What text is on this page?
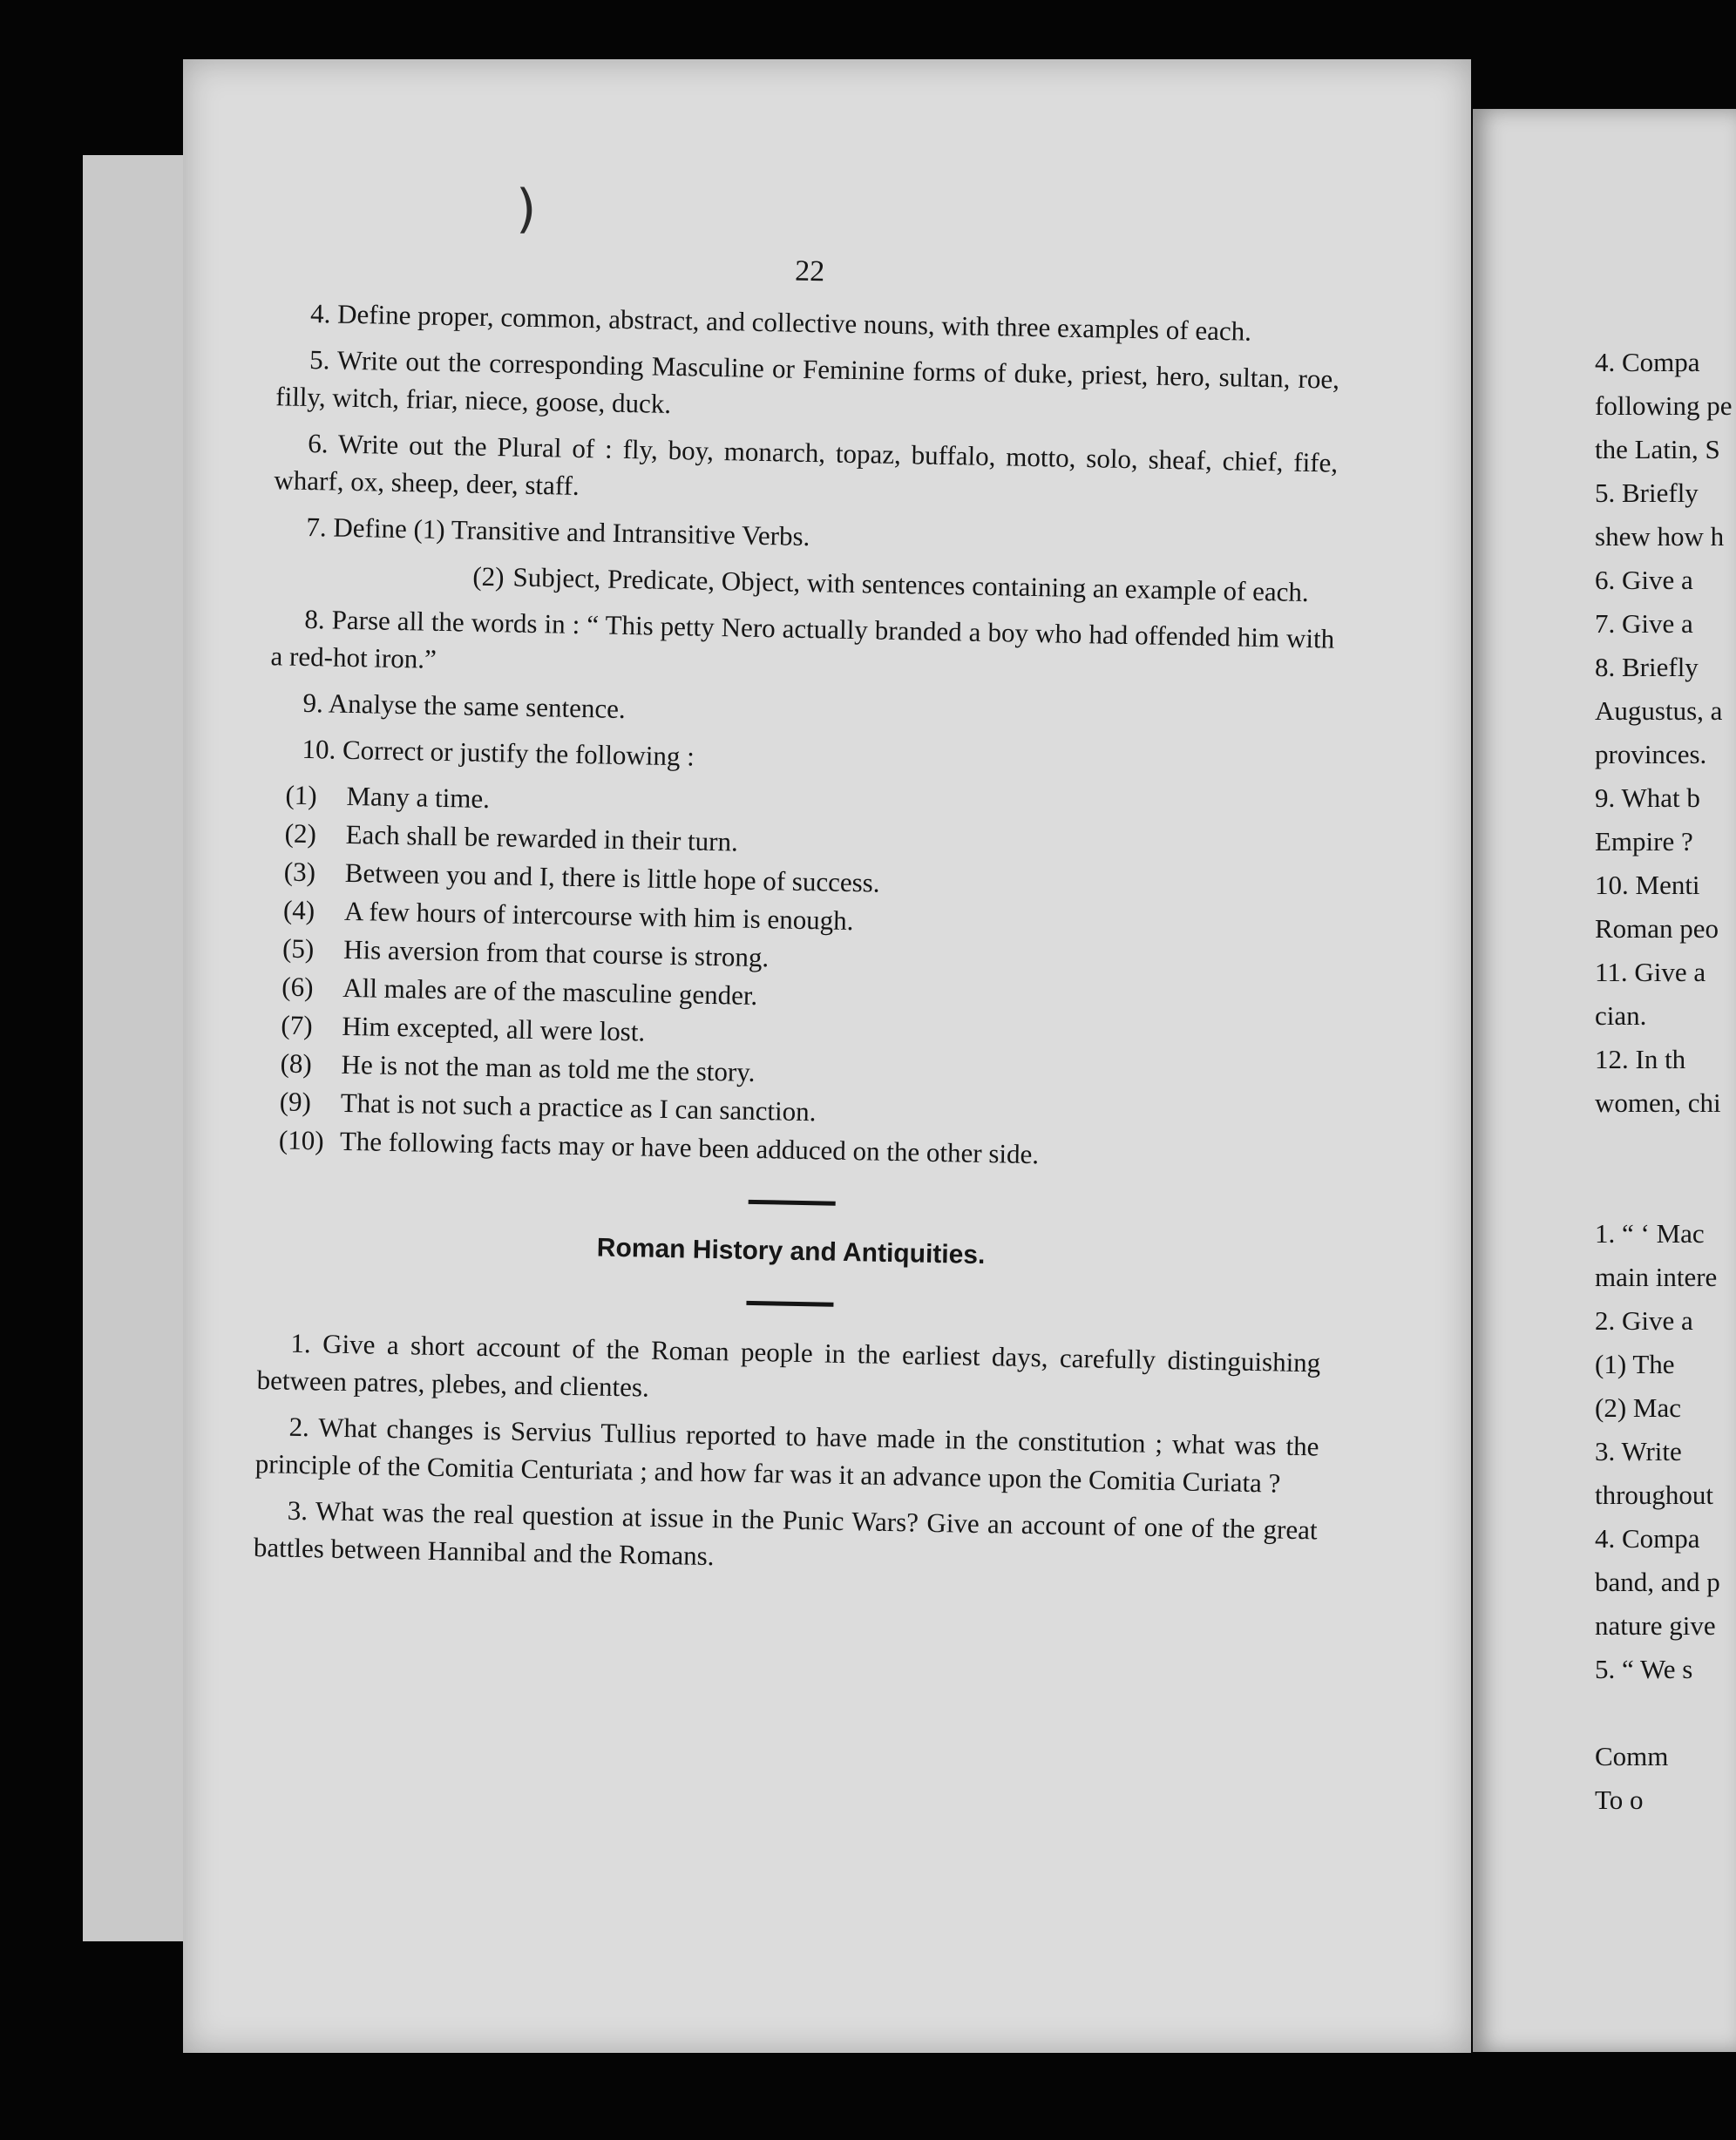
)
22

4. Define proper, common, abstract, and collective nouns, with three examples of each.

5. Write out the corresponding Masculine or Feminine forms of duke, priest, hero, sultan, roe, filly, witch, friar, niece, goose, duck.

6. Write out the Plural of : fly, boy, monarch, topaz, buffalo, motto, solo, sheaf, chief, fife, wharf, ox, sheep, deer, staff.

7. Define (1) Transitive and Intransitive Verbs.

(2) Subject, Predicate, Object, with sentences containing an example of each.

8. Parse all the words in : “ This petty Nero actually branded a boy who had offended him with a red-hot iron.”

9. Analyse the same sentence.

10. Correct or justify the following :

(1) Many a time.
(2) Each shall be rewarded in their turn.
(3) Between you and I, there is little hope of success.
(4) A few hours of intercourse with him is enough.
(5) His aversion from that course is strong.
(6) All males are of the masculine gender.
(7) Him excepted, all were lost.
(8) He is not the man as told me the story.
(9) That is not such a practice as I can sanction.
(10) The following facts may or have been adduced on the other side.
Roman History and Antiquities.

1. Give a short account of the Roman people in the earliest days, carefully distinguishing between patres, plebes, and clientes.

2. What changes is Servius Tullius reported to have made in the constitution ; what was the principle of the Comitia Centuriata ; and how far was it an advance upon the Comitia Curiata ?

3. What was the real question at issue in the Punic Wars? Give an account of one of the great battles between Hannibal and the Romans.

4. Compa
following pe
the Latin, S
5. Briefly
shew how h
6. Give a
7. Give a
8. Briefly
Augustus, a
provinces.
9. What b
Empire ?
10. Menti
Roman peo
11. Give a
cian.
12. In th
women, chi

1. “ ‘ Mac
main intere
2. Give a
(1) The
(2) Mac
3. Write
throughout
4. Compa
band, and p
nature give
5. “ We s

Comm
To o
